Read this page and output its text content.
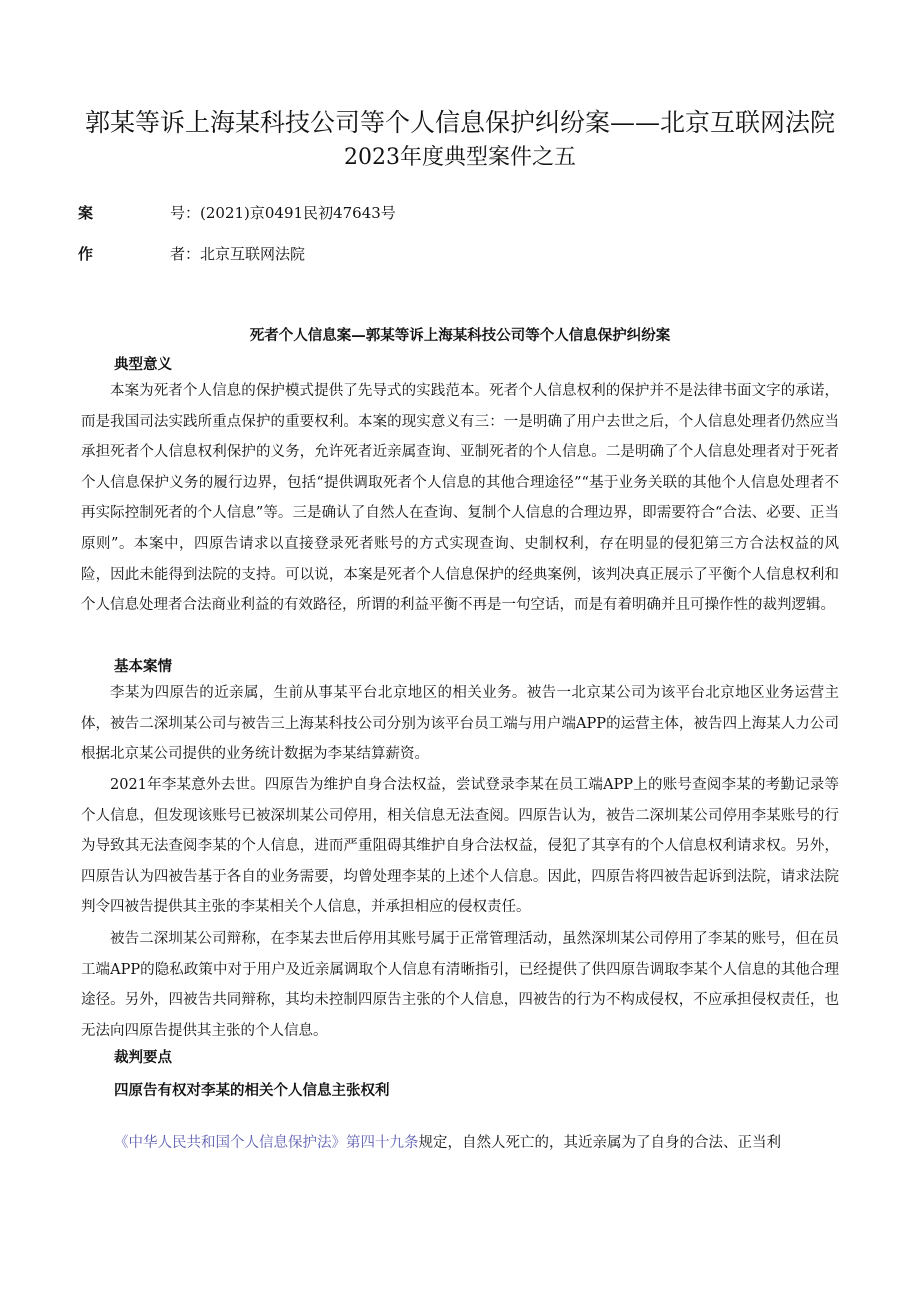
郭某等诉上海某科技公司等个人信息保护纠纷案——北京互联网法院
2023年度典型案件之五
案	号：(2021)京0491民初47643号
作	者：北京互联网法院
死者个人信息案—郭某等诉上海某科技公司等个人信息保护纠纷案
典型意义

本案为死者个人信息的保护模式提供了先导式的实践范本。死者个人信息权利的保护并不是法律书面文字的承诺，而是我国司法实践所重点保护的重要权利。本案的现实意义有三：一是明确了用户去世之后，个人信息处理者仍然应当承担死者个人信息权利保护的义务，允许死者近亲属查询、亚制死者的个人信息。二是明确了个人信息处理者对于死者个人信息保护义务的履行边界，包括“提供调取死者个人信息的其他合理途径”“基于业务关联的其他个人信息处理者不再实际控制死者的个人信息”等。三是确认了自然人在查询、复制个人信息的合理边界，即需要符合“合法、必要、正当原则”。本案中，四原告请求以直接登录死者账号的方式实现查询、史制权利，存在明显的侵犯第三方合法权益的风险，因此未能得到法院的支持。可以说，本案是死者个人信息保护的经典案例，该判决真正展示了平衡个人信息权利和个人信息处理者合法商业利益的有效路径，所谓的利益平衡不再是一句空话，而是有着明确并且可操作性的裁判逻辑。

基本案情

李某为四原告的近亲属，生前从事某平台北京地区的相关业务。被告一北京某公司为该平台北京地区业务运营主体，被告二深圳某公司与被告三上海某科技公司分别为该平台员工端与用户端APP的运营主体，被告四上海某人力公司根据北京某公司提供的业务统计数据为李某结算薪资。

2021年李某意外去世。四原告为维护自身合法权益，尝试登录李某在员工端APP上的账号查阅李某的考勤记录等个人信息，但发现该账号已被深圳某公司停用，相关信息无法查阅。四原告认为，被告二深圳某公司停用李某账号的行为导致其无法查阅李某的个人信息，进而严重阻碍其维护自身合法权益，侵犯了其享有的个人信息权利请求权。另外，四原告认为四被告基于各自的业务需要，均曾处理李某的上述个人信息。因此，四原告将四被告起诉到法院，请求法院判令四被告提供其主张的李某相关个人信息，并承担相应的侵权责任。

被告二深圳某公司辩称，在李某去世后停用其账号属于正常管理活动，虽然深圳某公司停用了李某的账号，但在员工端APP的隐私政策中对于用户及近亲属调取个人信息有清晰指引，已经提供了供四原告调取李某个人信息的其他合理途径。另外，四被告共同辩称，其均未控制四原告主张的个人信息，四被告的行为不构成侵权，不应承担侵权责任，也无法向四原告提供其主张的个人信息。

裁判要点
四原告有权对李某的相关个人信息主张权利
《中华人民共和国个人信息保护法》第四十九条规定，自然人死亡的，其近亲属为了自身的合法、正当利
